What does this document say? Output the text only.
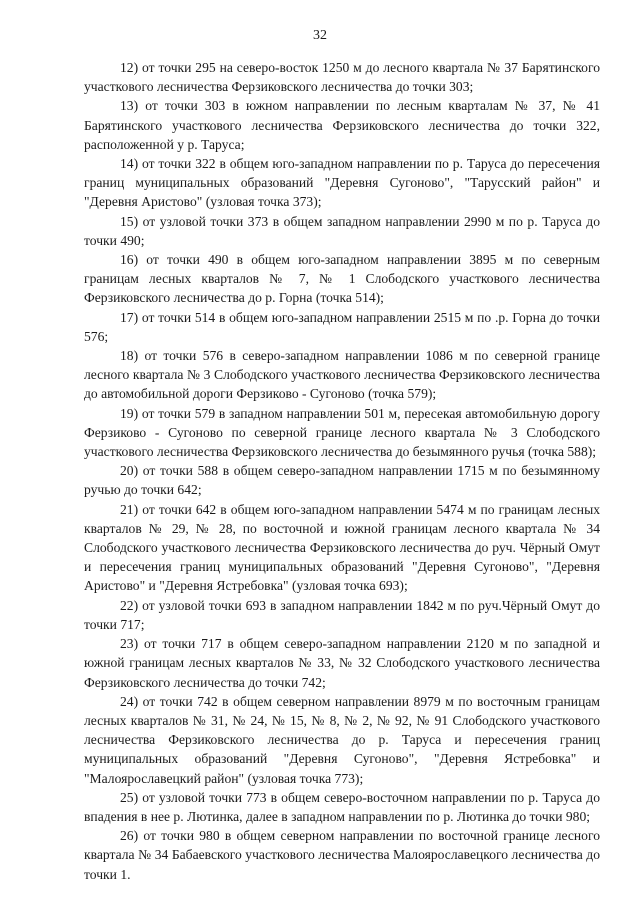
32

12) от точки 295 на северо-восток 1250 м до лесного квартала № 37 Барятинского участкового лесничества Ферзиковского лесничества до точки 303;

13) от точки 303 в южном направлении по лесным кварталам № 37, № 41 Барятинского участкового лесничества Ферзиковского лесничества до точки 322, расположенной у р. Таруса;

14) от точки 322 в общем юго-западном направлении по р. Таруса до пересечения границ муниципальных образований "Деревня Сугоново", "Тарусский район" и "Деревня Аристово" (узловая точка 373);

15) от узловой точки 373 в общем западном направлении 2990 м по р. Таруса до точки 490;

16) от точки 490 в общем юго-западном направлении 3895 м по северным границам лесных кварталов № 7, № 1 Слободского участкового лесничества Ферзиковского лесничества до р. Горна (точка 514);

17) от точки 514 в общем юго-западном направлении 2515 м по .р. Горна до точки 576;

18) от точки 576 в северо-западном направлении 1086 м по северной границе лесного квартала № 3 Слободского участкового лесничества Ферзиковского лесничества до автомобильной дороги Ферзиково - Сугоново (точка 579);

19) от точки 579 в западном направлении 501 м, пересекая автомобильную дорогу Ферзиково - Сугоново по северной границе лесного квартала № 3 Слободского участкового лесничества Ферзиковского лесничества до безымянного ручья (точка 588);

20) от точки 588 в общем северо-западном направлении 1715 м по безымянному ручью до точки 642;

21) от точки 642 в общем юго-западном направлении 5474 м по границам лесных кварталов № 29, № 28, по восточной и южной границам лесного квартала № 34 Слободского участкового лесничества Ферзиковского лесничества до руч. Чёрный Омут и пересечения границ муниципальных образований "Деревня Сугоново", "Деревня Аристово" и "Деревня Ястребовка" (узловая точка 693);

22) от узловой точки 693 в западном направлении 1842 м по руч.Чёрный Омут до точки 717;

23) от точки 717 в общем северо-западном направлении 2120 м по западной и южной границам лесных кварталов № 33, № 32 Слободского участкового лесничества Ферзиковского лесничества до точки 742;

24) от точки 742 в общем северном направлении 8979 м по восточным границам лесных кварталов № 31, № 24, № 15, № 8, № 2, № 92, № 91 Слободского участкового лесничества Ферзиковского лесничества до р. Таруса и пересечения границ муниципальных образований "Деревня Сугоново", "Деревня Ястребовка" и "Малоярославецкий район" (узловая точка 773);

25) от узловой точки 773 в общем северо-восточном направлении по р. Таруса до впадения в нее р. Лютинка, далее в западном направлении по р. Лютинка до точки 980;

26) от точки 980 в общем северном направлении по восточной границе лесного квартала № 34 Бабаевского участкового лесничества Малоярославецкого лесничества до точки 1.
